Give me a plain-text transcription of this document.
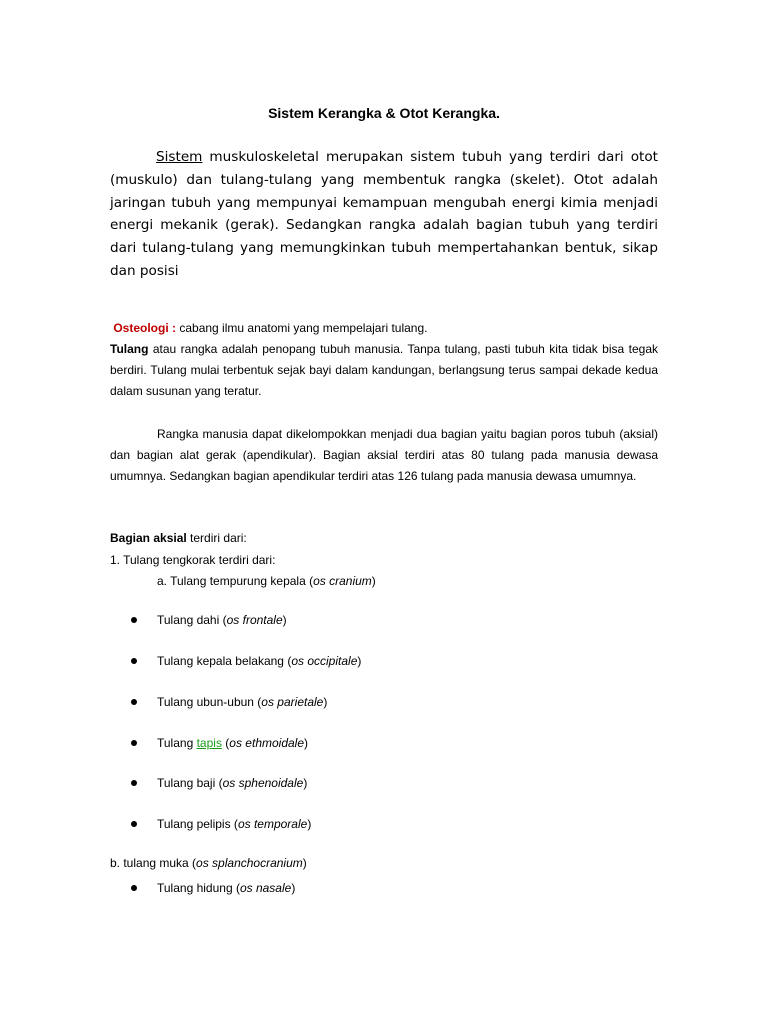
Sistem Kerangka & Otot Kerangka.
Sistem muskuloskeletal merupakan sistem tubuh yang terdiri dari otot (muskulo) dan tulang-tulang yang membentuk rangka (skelet). Otot adalah jaringan tubuh yang mempunyai kemampuan mengubah energi kimia menjadi energi mekanik (gerak). Sedangkan rangka adalah bagian tubuh yang terdiri dari tulang-tulang yang memungkinkan tubuh mempertahankan bentuk, sikap dan posisi
Osteologi : cabang ilmu anatomi yang mempelajari tulang.
Tulang atau rangka adalah penopang tubuh manusia. Tanpa tulang, pasti tubuh kita tidak bisa tegak berdiri. Tulang mulai terbentuk sejak bayi dalam kandungan, berlangsung terus sampai dekade kedua dalam susunan yang teratur.
Rangka manusia dapat dikelompokkan menjadi dua bagian yaitu bagian poros tubuh (aksial) dan bagian alat gerak (apendikular). Bagian aksial terdiri atas 80 tulang pada manusia dewasa umumnya. Sedangkan bagian apendikular terdiri atas 126 tulang pada manusia dewasa umumnya.
Bagian aksial terdiri dari:
1. Tulang tengkorak terdiri dari:
a. Tulang tempurung kepala (os cranium)
Tulang dahi (os frontale)
Tulang kepala belakang (os occipitale)
Tulang ubun-ubun (os parietale)
Tulang tapis (os ethmoidale)
Tulang baji (os sphenoidale)
Tulang pelipis (os temporale)
b. tulang muka (os splanchocranium)
Tulang hidung (os nasale)
